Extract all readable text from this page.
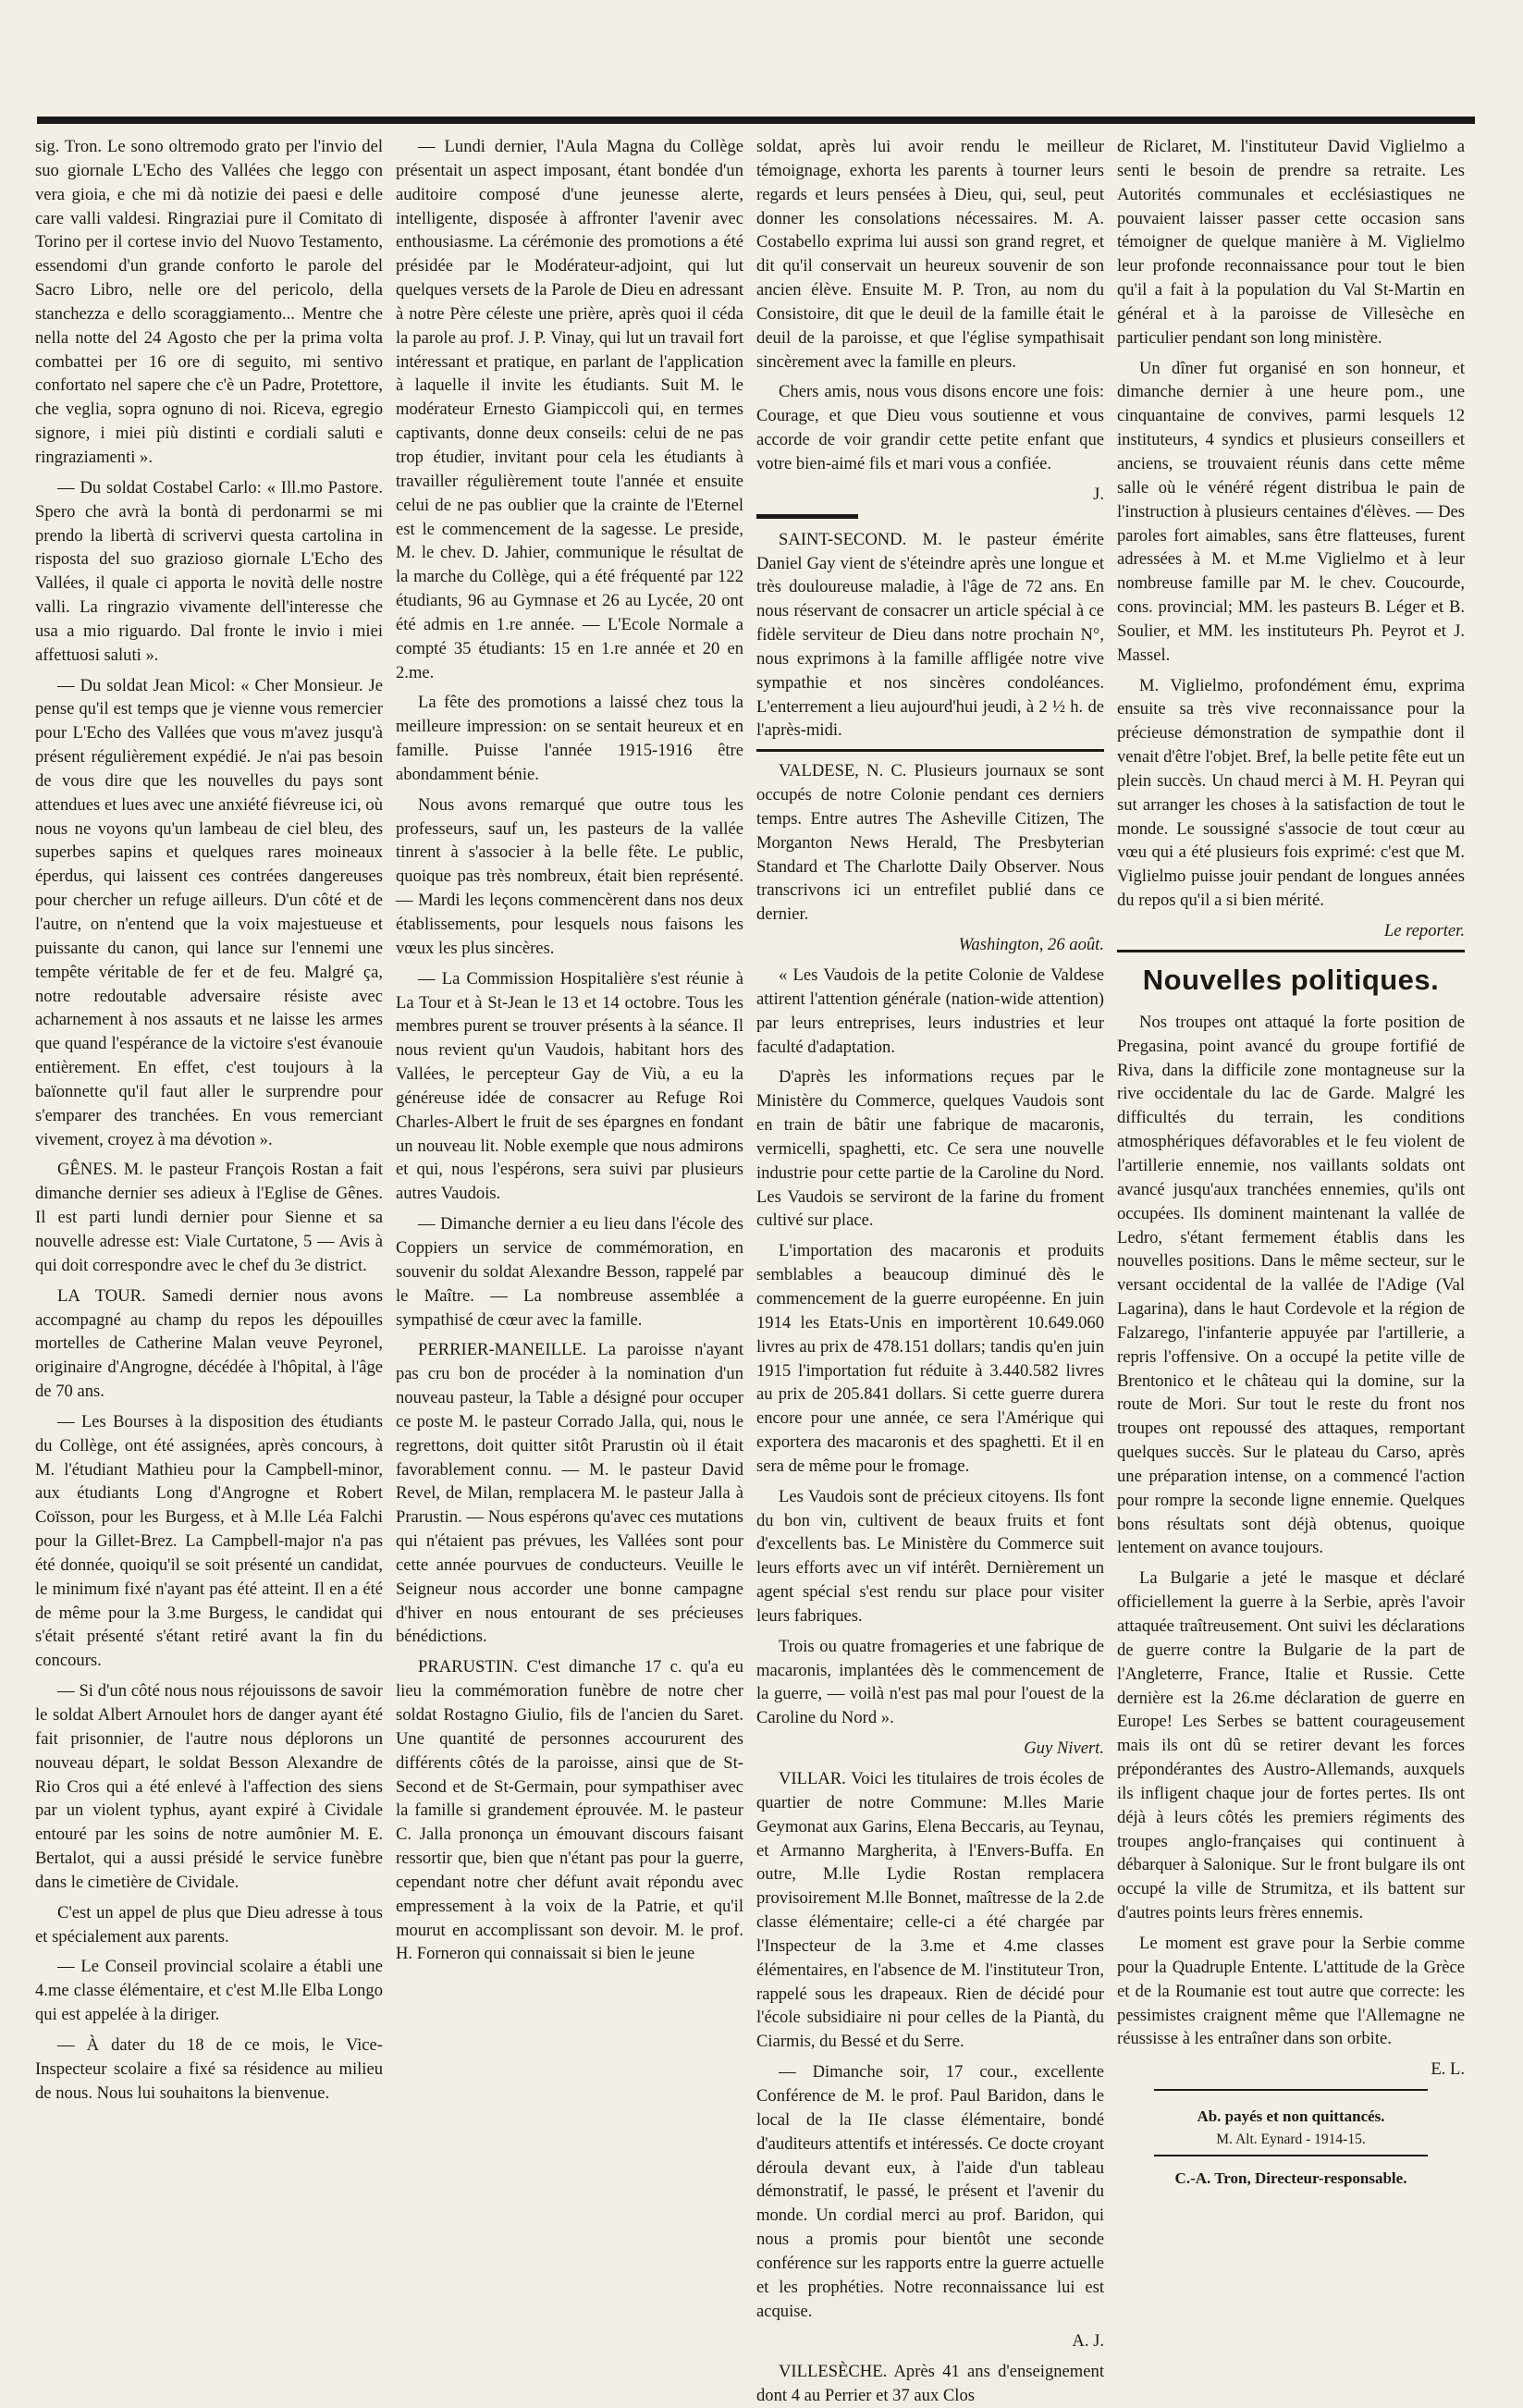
sig. Tron. Le sono oltremodo grato per l'invio del suo giornale L'Echo des Vallées che leggo con vera gioia, e che mi dà notizie dei paesi e delle care valli valdesi. Ringraziai pure il Comitato di Torino per il cortese invio del Nuovo Testamento, essendomi d'un grande conforto le parole del Sacro Libro, nelle ore del pericolo, della stanchezza e dello scoraggiamento... Mentre che nella notte del 24 Agosto che per la prima volta combattei per 16 ore di seguito, mi sentivo confortato nel sapere che c'è un Padre, Protettore, che veglia, sopra ognuno di noi. Riceva, egregio signore, i miei più distinti e cordiali saluti e ringraziamenti ».

— Du soldat Costabel Carlo: « Ill.mo Pastore. Spero che avrà la bontà di perdonarmi se mi prendo la libertà di scrivervi questa cartolina in risposta del suo grazioso giornale L'Echo des Vallées, il quale ci apporta le novità delle nostre valli. La ringrazio vivamente dell'interesse che usa a mio riguardo. Dal fronte le invio i miei affettuosi saluti ».

— Du soldat Jean Micol: « Cher Monsieur. Je pense qu'il est temps que je vienne vous remercier pour L'Echo des Vallées que vous m'avez jusqu'à présent régulièrement expédié. Je n'ai pas besoin de vous dire que les nouvelles du pays sont attendues et lues avec une anxiété fiévreuse ici, où nous ne voyons qu'un lambeau de ciel bleu, des superbes sapins et quelques rares moineaux éperdus, qui laissent ces contrées dangereuses pour chercher un refuge ailleurs. D'un côté et de l'autre, on n'entend que la voix majestueuse et puissante du canon, qui lance sur l'ennemi une tempête véritable de fer et de feu. Malgré ça, notre redoutable adversaire résiste avec acharnement à nos assauts et ne laisse les armes que quand l'espérance de la victoire s'est évanouie entièrement. En effet, c'est toujours à la baïonnette qu'il faut aller le surprendre pour s'emparer des tranchées. En vous remerciant vivement, croyez à ma dévotion ».

GÊNES. M. le pasteur François Rostan a fait dimanche dernier ses adieux à l'Eglise de Gênes. Il est parti lundi dernier pour Sienne et sa nouvelle adresse est: Viale Curtatone, 5 — Avis à qui doit correspondre avec le chef du 3e district.

LA TOUR. Samedi dernier nous avons accompagné au champ du repos les dépouilles mortelles de Catherine Malan veuve Peyronel, originaire d'Angrogne, décédée à l'hôpital, à l'âge de 70 ans.

— Les Bourses à la disposition des étudiants du Collège, ont été assignées, après concours, à M. l'étudiant Mathieu pour la Campbell-minor, aux étudiants Long d'Angrogne et Robert Coïsson, pour les Burgess, et à M.lle Léa Falchi pour la Gillet-Brez. La Campbell-major n'a pas été donnée, quoiqu'il se soit présenté un candidat, le minimum fixé n'ayant pas été atteint. Il en a été de même pour la 3.me Burgess, le candidat qui s'était présenté s'étant retiré avant la fin du concours.

— Si d'un côté nous nous réjouissons de savoir le soldat Albert Arnoulet hors de danger ayant été fait prisonnier, de l'autre nous déplorons un nouveau départ, le soldat Besson Alexandre de Rio Cros qui a été enlevé à l'affection des siens par un violent typhus, ayant expiré à Cividale entouré par les soins de notre aumônier M. E. Bertalot, qui a aussi présidé le service funèbre dans le cimetière de Cividale.

C'est un appel de plus que Dieu adresse à tous et spécialement aux parents.

— Le Conseil provincial scolaire a établi une 4.me classe élémentaire, et c'est M.lle Elba Longo qui est appelée à la diriger.

— À dater du 18 de ce mois, le Vice-Inspecteur scolaire a fixé sa résidence au milieu de nous. Nous lui souhaitons la bienvenue.

— Lundi dernier, l'Aula Magna du Collège présentait un aspect imposant, étant bondée d'un auditoire composé d'une jeunesse alerte, intelligente, disposée à affronter l'avenir avec enthousiasme. La cérémonie des promotions a été présidée par le Modérateur-adjoint, qui lut quelques versets de la Parole de Dieu en adressant à notre Père céleste une prière, après quoi il céda la parole au prof. J. P. Vinay, qui lut un travail fort intéressant et pratique, en parlant de l'application à laquelle il invite les étudiants. Suit M. le modérateur Ernesto Giampiccoli qui, en termes captivants, donne deux conseils: celui de ne pas trop étudier, invitant pour cela les étudiants à travailler régulièrement toute l'année et ensuite celui de ne pas oublier que la crainte de l'Eternel est le commencement de la sagesse. Le preside, M. le chev. D. Jahier, communique le résultat de la marche du Collège, qui a été fréquenté par 122 étudiants, 96 au Gymnase et 26 au Lycée, 20 ont été admis en 1.re année. — L'Ecole Normale a compté 35 étudiants: 15 en 1.re année et 20 en 2.me.

La fête des promotions a laissé chez tous la meilleure impression: on se sentait heureux et en famille. Puisse l'année 1915-1916 être abondamment bénie.

Nous avons remarqué que outre tous les professeurs, sauf un, les pasteurs de la vallée tinrent à s'associer à la belle fête. Le public, quoique pas très nombreux, était bien représenté. — Mardi les leçons commencèrent dans nos deux établissements, pour lesquels nous faisons les vœux les plus sincères.

— La Commission Hospitalière s'est réunie à La Tour et à St-Jean le 13 et 14 octobre. Tous les membres purent se trouver présents à la séance. Il nous revient qu'un Vaudois, habitant hors des Vallées, le percepteur Gay de Viù, a eu la généreuse idée de consacrer au Refuge Roi Charles-Albert le fruit de ses épargnes en fondant un nouveau lit. Noble exemple que nous admirons et qui, nous l'espérons, sera suivi par plusieurs autres Vaudois.

— Dimanche dernier a eu lieu dans l'école des Coppiers un service de commémoration, en souvenir du soldat Alexandre Besson, rappelé par le Maître. — La nombreuse assemblée a sympathisé de cœur avec la famille.

PERRIER-MANEILLE. La paroisse n'ayant pas cru bon de procéder à la nomination d'un nouveau pasteur, la Table a désigné pour occuper ce poste M. le pasteur Corrado Jalla, qui, nous le regrettons, doit quitter sitôt Prarustin où il était favorablement connu. — M. le pasteur David Revel, de Milan, remplacera M. le pasteur Jalla à Prarustin. — Nous espérons qu'avec ces mutations qui n'étaient pas prévues, les Vallées sont pour cette année pourvues de conducteurs. Veuille le Seigneur nous accorder une bonne campagne d'hiver en nous entourant de ses précieuses bénédictions.

PRARUSTIN. C'est dimanche 17 c. qu'a eu lieu la commémoration funèbre de notre cher soldat Rostagno Giulio, fils de l'ancien du Saret. Une quantité de personnes accoururent des différents côtés de la paroisse, ainsi que de St-Second et de St-Germain, pour sympathiser avec la famille si grandement éprouvée. M. le pasteur C. Jalla prononça un émouvant discours faisant ressortir que, bien que n'étant pas pour la guerre, cependant notre cher défunt avait répondu avec empressement à la voix de la Patrie, et qu'il mourut en accomplissant son devoir. M. le prof. H. Forneron qui connaissait si bien le jeune

soldat, après lui avoir rendu le meilleur témoignage, exhorta les parents à tourner leurs regards et leurs pensées à Dieu, qui, seul, peut donner les consolations nécessaires. M. A. Costabello exprima lui aussi son grand regret, et dit qu'il conservait un heureux souvenir de son ancien élève. Ensuite M. P. Tron, au nom du Consistoire, dit que le deuil de la famille était le deuil de la paroisse, et que l'église sympathisait sincèrement avec la famille en pleurs.

Chers amis, nous vous disons encore une fois: Courage, et que Dieu vous soutienne et vous accorde de voir grandir cette petite enfant que votre bien-aimé fils et mari vous a confiée.

J.

SAINT-SECOND. M. le pasteur émérite Daniel Gay vient de s'éteindre après une longue et très douloureuse maladie, à l'âge de 72 ans. En nous réservant de consacrer un article spécial à ce fidèle serviteur de Dieu dans notre prochain N°, nous exprimons à la famille affligée notre vive sympathie et nos sincères condoléances. L'enterrement a lieu aujourd'hui jeudi, à 2 ½ h. de l'après-midi.

VALDESE, N. C. Plusieurs journaux se sont occupés de notre Colonie pendant ces derniers temps. Entre autres The Asheville Citizen, The Morganton News Herald, The Presbyterian Standard et The Charlotte Daily Observer. Nous transcrivons ici un entrefilet publié dans ce dernier.

Washington, 26 août.

« Les Vaudois de la petite Colonie de Valdese attirent l'attention générale (nation-wide attention) par leurs entreprises, leurs industries et leur faculté d'adaptation.

D'après les informations reçues par le Ministère du Commerce, quelques Vaudois sont en train de bâtir une fabrique de macaronis, vermicelli, spaghetti, etc. Ce sera une nouvelle industrie pour cette partie de la Caroline du Nord. Les Vaudois se serviront de la farine du froment cultivé sur place.

L'importation des macaronis et produits semblables a beaucoup diminué dès le commencement de la guerre européenne. En juin 1914 les Etats-Unis en importèrent 10.649.060 livres au prix de 478.151 dollars; tandis qu'en juin 1915 l'importation fut réduite à 3.440.582 livres au prix de 205.841 dollars. Si cette guerre durera encore pour une année, ce sera l'Amérique qui exportera des macaronis et des spaghetti. Et il en sera de même pour le fromage.

Les Vaudois sont de précieux citoyens. Ils font du bon vin, cultivent de beaux fruits et font d'excellents bas. Le Ministère du Commerce suit leurs efforts avec un vif intérêt. Dernièrement un agent spécial s'est rendu sur place pour visiter leurs fabriques.

Trois ou quatre fromageries et une fabrique de macaronis, implantées dès le commencement de la guerre, — voilà n'est pas mal pour l'ouest de la Caroline du Nord ».

Guy Nivert.

VILLAR. Voici les titulaires de trois écoles de quartier de notre Commune: M.lles Marie Geymonat aux Garins, Elena Beccaris, au Teynau, et Armanno Margherita, à l'Envers-Buffa. En outre, M.lle Lydie Rostan remplacera provisoirement M.lle Bonnet, maîtresse de la 2.de classe élémentaire; celle-ci a été chargée par l'Inspecteur de la 3.me et 4.me classes élémentaires, en l'absence de M. l'instituteur Tron, rappelé sous les drapeaux. Rien de décidé pour l'école subsidiaire ni pour celles de la Piantà, du Ciarmis, du Bessé et du Serre.

— Dimanche soir, 17 cour., excellente Conférence de M. le prof. Paul Baridon, dans le local de la IIe classe élémentaire, bondé d'auditeurs attentifs et intéressés. Ce docte croyant déroula devant eux, à l'aide d'un tableau démonstratif, le passé, le présent et l'avenir du monde. Un cordial merci au prof. Baridon, qui nous a promis pour bientôt une seconde conférence sur les rapports entre la guerre actuelle et les prophéties. Notre reconnaissance lui est acquise.

A. J.

VILLESÈCHE. Après 41 ans d'enseignement dont 4 au Perrier et 37 aux Clos

de Riclaret, M. l'instituteur David Viglielmo a senti le besoin de prendre sa retraite. Les Autorités communales et ecclésiastiques ne pouvaient laisser passer cette occasion sans témoigner de quelque manière à M. Viglielmo leur profonde reconnaissance pour tout le bien qu'il a fait à la population du Val St-Martin en général et à la paroisse de Villesèche en particulier pendant son long ministère.

Un dîner fut organisé en son honneur, et dimanche dernier à une heure pom., une cinquantaine de convives, parmi lesquels 12 instituteurs, 4 syndics et plusieurs conseillers et anciens, se trouvaient réunis dans cette même salle où le vénéré régent distribua le pain de l'instruction à plusieurs centaines d'élèves. — Des paroles fort aimables, sans être flatteuses, furent adressées à M. et M.me Viglielmo et à leur nombreuse famille par M. le chev. Coucourde, cons. provincial; MM. les pasteurs B. Léger et B. Soulier, et MM. les instituteurs Ph. Peyrot et J. Massel.

M. Viglielmo, profondément ému, exprima ensuite sa très vive reconnaissance pour la précieuse démonstration de sympathie dont il venait d'être l'objet. Bref, la belle petite fête eut un plein succès. Un chaud merci à M. H. Peyran qui sut arranger les choses à la satisfaction de tout le monde. Le soussigné s'associe de tout cœur au vœu qui a été plusieurs fois exprimé: c'est que M. Viglielmo puisse jouir pendant de longues années du repos qu'il a si bien mérité.

Le reporter.

Nouvelles politiques.

Nos troupes ont attaqué la forte position de Pregasina, point avancé du groupe fortifié de Riva, dans la difficile zone montagneuse sur la rive occidentale du lac de Garde. Malgré les difficultés du terrain, les conditions atmosphériques défavorables et le feu violent de l'artillerie ennemie, nos vaillants soldats ont avancé jusqu'aux tranchées ennemies, qu'ils ont occupées. Ils dominent maintenant la vallée de Ledro, s'étant fermement établis dans les nouvelles positions. Dans le même secteur, sur le versant occidental de la vallée de l'Adige (Val Lagarina), dans le haut Cordevole et la région de Falzarego, l'infanterie appuyée par l'artillerie, a repris l'offensive. On a occupé la petite ville de Brentonico et le château qui la domine, sur la route de Mori. Sur tout le reste du front nos troupes ont repoussé des attaques, remportant quelques succès. Sur le plateau du Carso, après une préparation intense, on a commencé l'action pour rompre la seconde ligne ennemie. Quelques bons résultats sont déjà obtenus, quoique lentement on avance toujours.

La Bulgarie a jeté le masque et déclaré officiellement la guerre à la Serbie, après l'avoir attaquée traîtreusement. Ont suivi les déclarations de guerre contre la Bulgarie de la part de l'Angleterre, France, Italie et Russie. Cette dernière est la 26.me déclaration de guerre en Europe! Les Serbes se battent courageusement mais ils ont dû se retirer devant les forces prépondérantes des Austro-Allemands, auxquels ils infligent chaque jour de fortes pertes. Ils ont déjà à leurs côtés les premiers régiments des troupes anglo-françaises qui continuent à débarquer à Salonique. Sur le front bulgare ils ont occupé la ville de Strumitza, et ils battent sur d'autres points leurs frères ennemis.

Le moment est grave pour la Serbie comme pour la Quadruple Entente. L'attitude de la Grèce et de la Roumanie est tout autre que correcte: les pessimistes craignent même que l'Allemagne ne réussisse à les entraîner dans son orbite.

E. L.

Ab. payés et non quittancés.
M. Alt. Eynard - 1914-15.
C.-A. Tron, Directeur-responsable.
